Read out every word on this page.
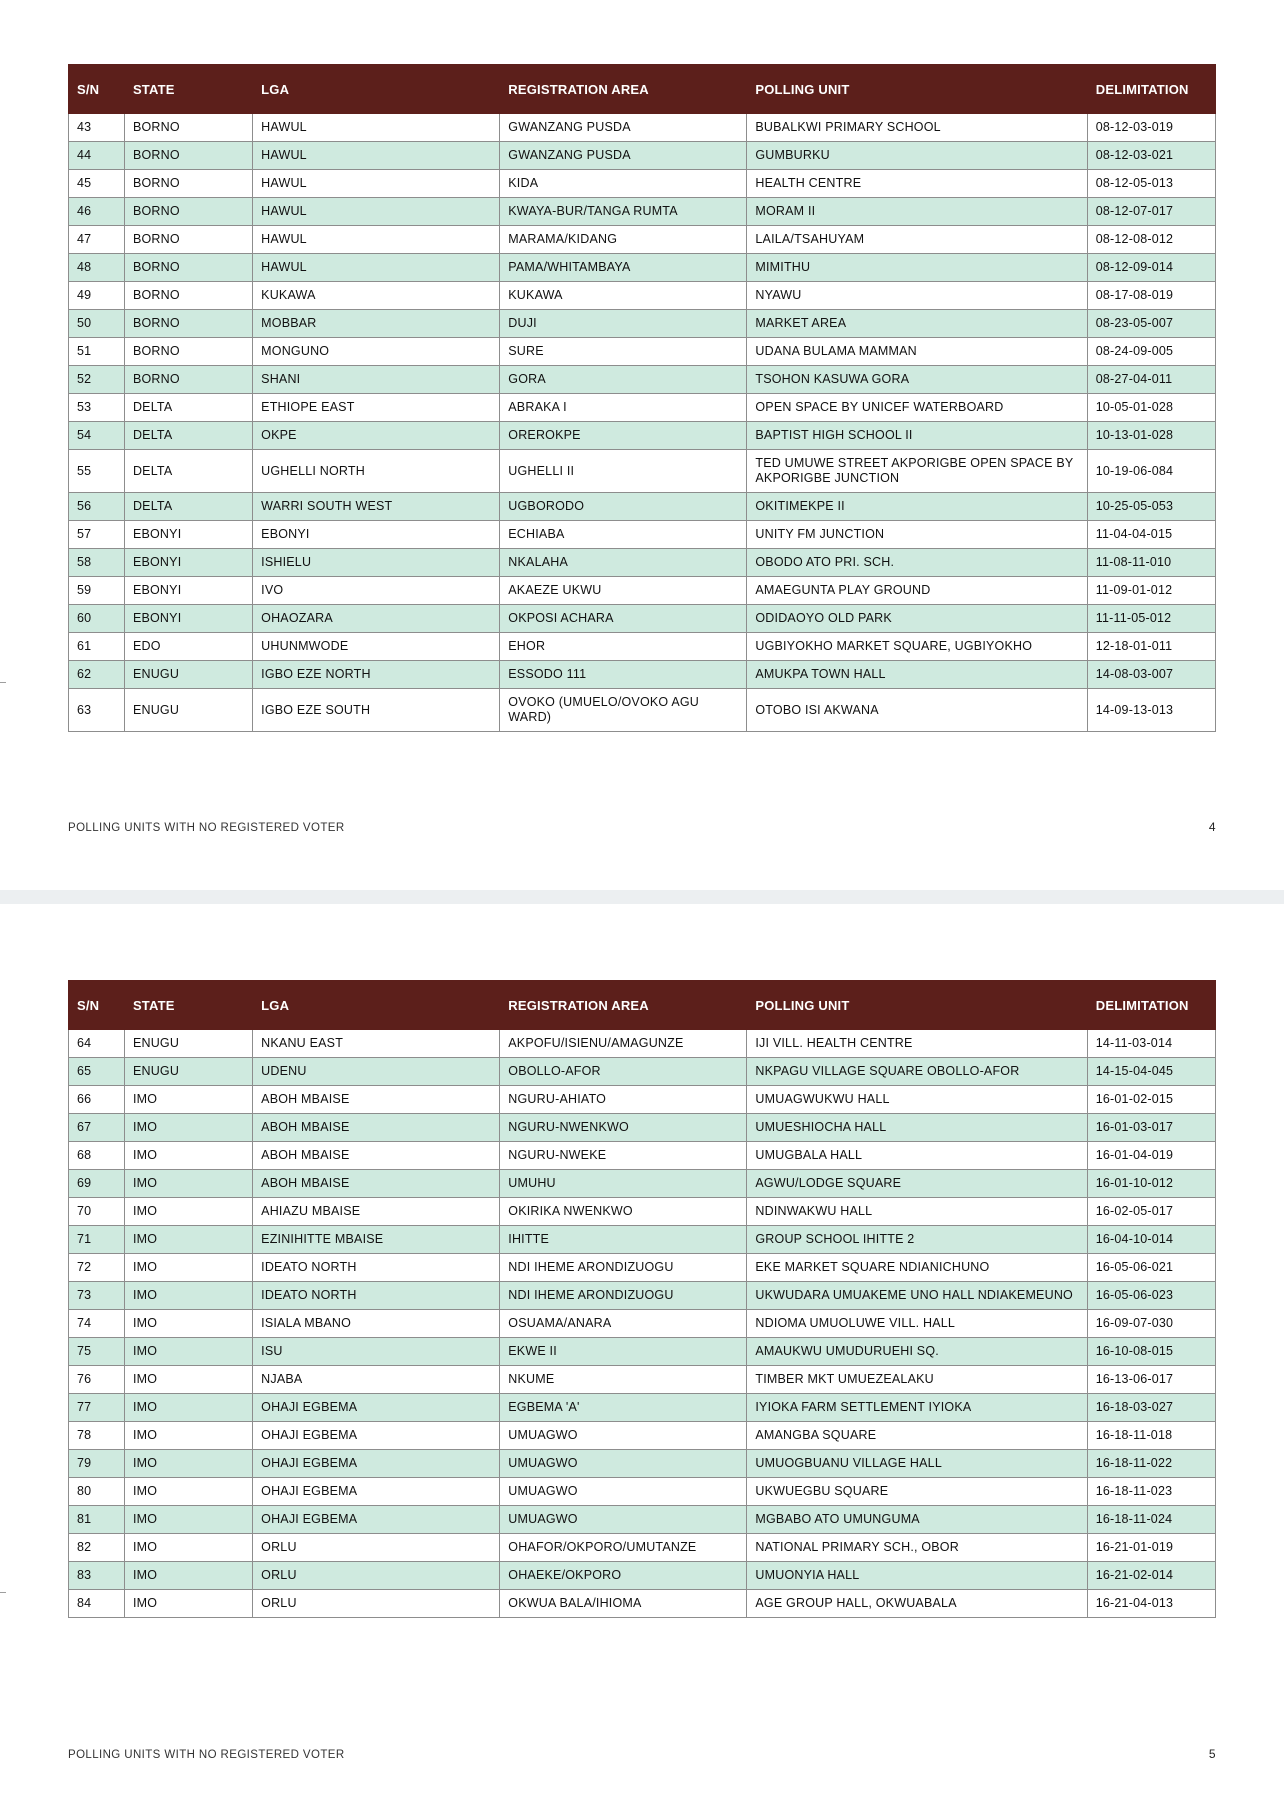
S/N	STATE	LGA	REGISTRATION AREA	POLLING UNIT	DELIMITATION
43	BORNO	HAWUL	GWANZANG PUSDA	BUBALKWI PRIMARY SCHOOL	08-12-03-019
44	BORNO	HAWUL	GWANZANG PUSDA	GUMBURKU	08-12-03-021
45	BORNO	HAWUL	KIDA	HEALTH CENTRE	08-12-05-013
46	BORNO	HAWUL	KWAYA-BUR/TANGA RUMTA	MORAM II	08-12-07-017
47	BORNO	HAWUL	MARAMA/KIDANG	LAILA/TSAHUYAM	08-12-08-012
48	BORNO	HAWUL	PAMA/WHITAMBAYA	MIMITHU	08-12-09-014
49	BORNO	KUKAWA	KUKAWA	NYAWU	08-17-08-019
50	BORNO	MOBBAR	DUJI	MARKET AREA	08-23-05-007
51	BORNO	MONGUNO	SURE	UDANA BULAMA MAMMAN	08-24-09-005
52	BORNO	SHANI	GORA	TSOHON KASUWA GORA	08-27-04-011
53	DELTA	ETHIOPE EAST	ABRAKA I	OPEN SPACE BY UNICEF WATERBOARD	10-05-01-028
54	DELTA	OKPE	OREROKPE	BAPTIST HIGH SCHOOL II	10-13-01-028
55	DELTA	UGHELLI NORTH	UGHELLI II	TED UMUWE STREET AKPORIGBE OPEN SPACE BY AKPORIGBE JUNCTION	10-19-06-084
56	DELTA	WARRI SOUTH WEST	UGBORODO	OKITIMEKPE II	10-25-05-053
57	EBONYI	EBONYI	ECHIABA	UNITY FM JUNCTION	11-04-04-015
58	EBONYI	ISHIELU	NKALAHA	OBODO ATO PRI. SCH.	11-08-11-010
59	EBONYI	IVO	AKAEZE UKWU	AMAEGUNTA PLAY GROUND	11-09-01-012
60	EBONYI	OHAOZARA	OKPOSI ACHARA	ODIDAOYO OLD PARK	11-11-05-012
61	EDO	UHUNMWODE	EHOR	UGBIYOKHO MARKET SQUARE, UGBIYOKHO	12-18-01-011
62	ENUGU	IGBO EZE NORTH	ESSODO 111	AMUKPA TOWN HALL	14-08-03-007
63	ENUGU	IGBO EZE SOUTH	OVOKO (UMUELO/OVOKO AGU WARD)	OTOBO ISI AKWANA	14-09-13-013
POLLING UNITS WITH NO REGISTERED VOTER	4
S/N	STATE	LGA	REGISTRATION AREA	POLLING UNIT	DELIMITATION
64	ENUGU	NKANU EAST	AKPOFU/ISIENU/AMAGUNZE	IJI VILL. HEALTH CENTRE	14-11-03-014
65	ENUGU	UDENU	OBOLLO-AFOR	NKPAGU VILLAGE SQUARE OBOLLO-AFOR	14-15-04-045
66	IMO	ABOH MBAISE	NGURU-AHIATO	UMUAGWUKWU HALL	16-01-02-015
67	IMO	ABOH MBAISE	NGURU-NWENKWO	UMUESHIOCHA HALL	16-01-03-017
68	IMO	ABOH MBAISE	NGURU-NWEKE	UMUGBALA HALL	16-01-04-019
69	IMO	ABOH MBAISE	UMUHU	AGWU/LODGE SQUARE	16-01-10-012
70	IMO	AHIAZU MBAISE	OKIRIKA NWENKWO	NDINWAKWU HALL	16-02-05-017
71	IMO	EZINIHITTE MBAISE	IHITTE	GROUP SCHOOL IHITTE 2	16-04-10-014
72	IMO	IDEATO NORTH	NDI IHEME ARONDIZUOGU	EKE MARKET SQUARE NDIANICHUNO	16-05-06-021
73	IMO	IDEATO NORTH	NDI IHEME ARONDIZUOGU	UKWUDARA UMUAKEME UNO HALL NDIAKEMEUNO	16-05-06-023
74	IMO	ISIALA MBANO	OSUAMA/ANARA	NDIOMA UMUOLUWE VILL. HALL	16-09-07-030
75	IMO	ISU	EKWE II	AMAUKWU UMUDURUEHI SQ.	16-10-08-015
76	IMO	NJABA	NKUME	TIMBER MKT UMUEZEALAKU	16-13-06-017
77	IMO	OHAJI EGBEMA	EGBEMA 'A'	IYIOKA FARM SETTLEMENT IYIOKA	16-18-03-027
78	IMO	OHAJI EGBEMA	UMUAGWO	AMANGBA SQUARE	16-18-11-018
79	IMO	OHAJI EGBEMA	UMUAGWO	UMUOGBUANU VILLAGE HALL	16-18-11-022
80	IMO	OHAJI EGBEMA	UMUAGWO	UKWUEGBU SQUARE	16-18-11-023
81	IMO	OHAJI EGBEMA	UMUAGWO	MGBABO ATO UMUNGUMA	16-18-11-024
82	IMO	ORLU	OHAFOR/OKPORO/UMUTANZE	NATIONAL PRIMARY SCH., OBOR	16-21-01-019
83	IMO	ORLU	OHAEKE/OKPORO	UMUONYIA HALL	16-21-02-014
84	IMO	ORLU	OKWUA BALA/IHIOMA	AGE GROUP HALL, OKWUABALA	16-21-04-013
POLLING UNITS WITH NO REGISTERED VOTER	5
